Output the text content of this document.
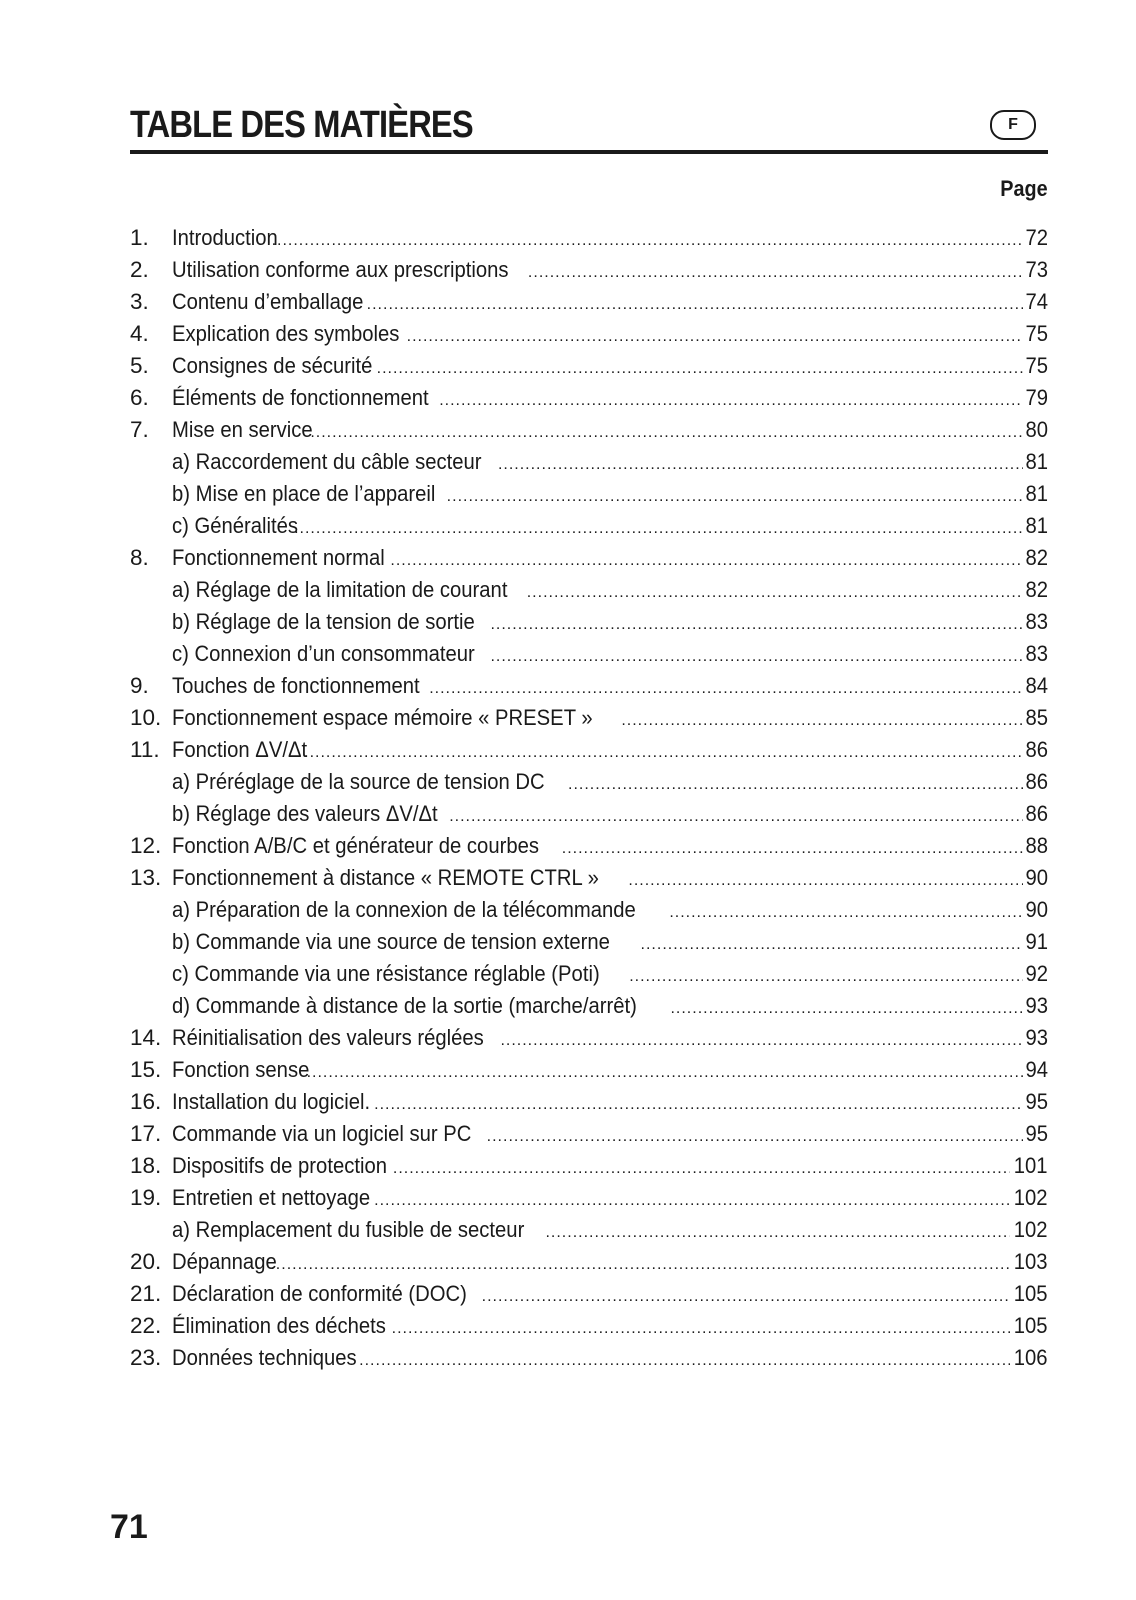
TABLE DES MATIÈRES	F
Page
1.	Introduction .....	72
2.	Utilisation conforme aux prescriptions .....	73
3.	Contenu d’emballage .....	74
4.	Explication des symboles .....	75
5.	Consignes de sécurité .....	75
6.	Éléments de fonctionnement .....	79
7.	Mise en service .....	80
a) Raccordement du câble secteur .....	81
b) Mise en place de l’appareil .....	81
c) Généralités .....	81
8.	Fonctionnement normal .....	82
a) Réglage de la limitation de courant .....	82
b) Réglage de la tension de sortie .....	83
c) Connexion d’un consommateur .....	83
9.	Touches de fonctionnement .....	84
10. Fonctionnement espace mémoire « PRESET » .....	85
11. Fonction ΔV/Δt .....	86
a) Préréglage de la source de tension DC .....	86
b) Réglage des valeurs ΔV/Δt .....	86
12. Fonction A/B/C et générateur de courbes .....	88
13. Fonctionnement à distance « REMOTE CTRL » .....	90
a) Préparation de la connexion de la télécommande .....	90
b) Commande via une source de tension externe .....	91
c) Commande via une résistance réglable (Poti) .....	92
d) Commande à distance de la sortie (marche/arrêt) .....	93
14. Réinitialisation des valeurs réglées .....	93
15. Fonction sense .....	94
16. Installation du logiciel. .....	95
17. Commande via un logiciel sur PC .....	95
18. Dispositifs de protection .....	101
19. Entretien et nettoyage .....	102
a) Remplacement du fusible de secteur .....	102
20. Dépannage .....	103
21. Déclaration de conformité (DOC) .....	105
22. Élimination des déchets .....	105
23. Données techniques .....	106
71
